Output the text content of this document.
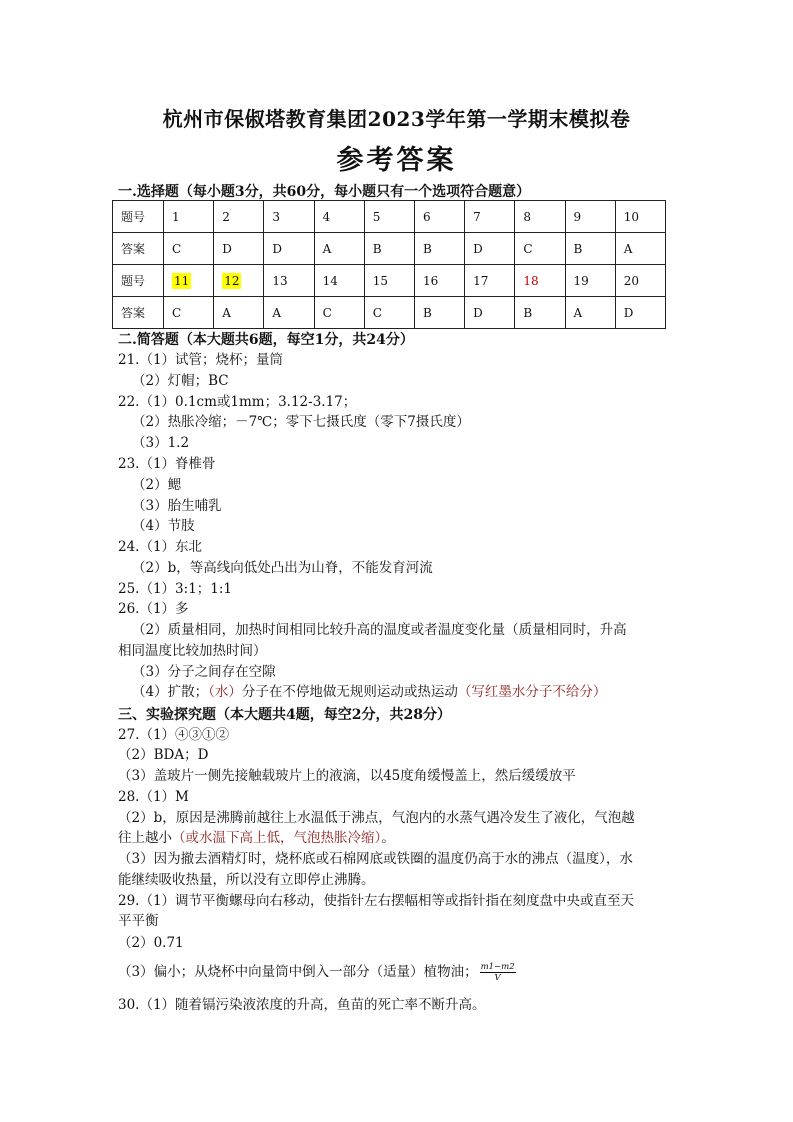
杭州市保俶塔教育集团2023学年第一学期末模拟卷
参考答案
一.选择题（每小题3分，共60分，每小题只有一个选项符合题意）
题号	1	2	3	4	5	6	7	8	9	10
答案	C	D	D	A	B	B	D	C	B	A
题号	11	12	13	14	15	16	17	18	19	20
答案	C	A	A	C	C	B	D	B	A	D
二.简答题（本大题共6题，每空1分，共24分）
21.（1）试管；烧杯；量筒
（2）灯帽；BC
22.（1）0.1cm或1mm；3.12-3.17；
（2）热胀冷缩；－7℃；零下七摄氏度（零下7摄氏度）
（3）1.2
23.（1）脊椎骨
（2）鳃
（3）胎生哺乳
（4）节肢
24.（1）东北
（2）b，等高线向低处凸出为山脊，不能发育河流
25.（1）3:1；1:1
26.（1）多
（2）质量相同，加热时间相同比较升高的温度或者温度变化量（质量相同时，升高
相同温度比较加热时间）
（3）分子之间存在空隙
（4）扩散；（水）分子在不停地做无规则运动或热运动（写红墨水分子不给分）
三、实验探究题（本大题共4题，每空2分，共28分）
27.（1）④③①②
（2）BDA；D
（3）盖玻片一侧先接触载玻片上的液滴，以45度角缓慢盖上，然后缓缓放平
28.（1）M
（2）b，原因是沸腾前越往上水温低于沸点，气泡内的水蒸气遇冷发生了液化，气泡越
往上越小（或水温下高上低，气泡热胀冷缩）。
（3）因为撤去酒精灯时，烧杯底或石棉网底或铁圈的温度仍高于水的沸点（温度），水
能继续吸收热量，所以没有立即停止沸腾。
29.（1）调节平衡螺母向右移动，使指针左右摆幅相等或指针指在刻度盘中央或直至天
平平衡
（2）0.71
（3）偏小；从烧杯中向量筒中倒入一部分（适量）植物油； $\frac{m1-m2}{V}$
30.（1）随着镉污染液浓度的升高，鱼苗的死亡率不断升高。
